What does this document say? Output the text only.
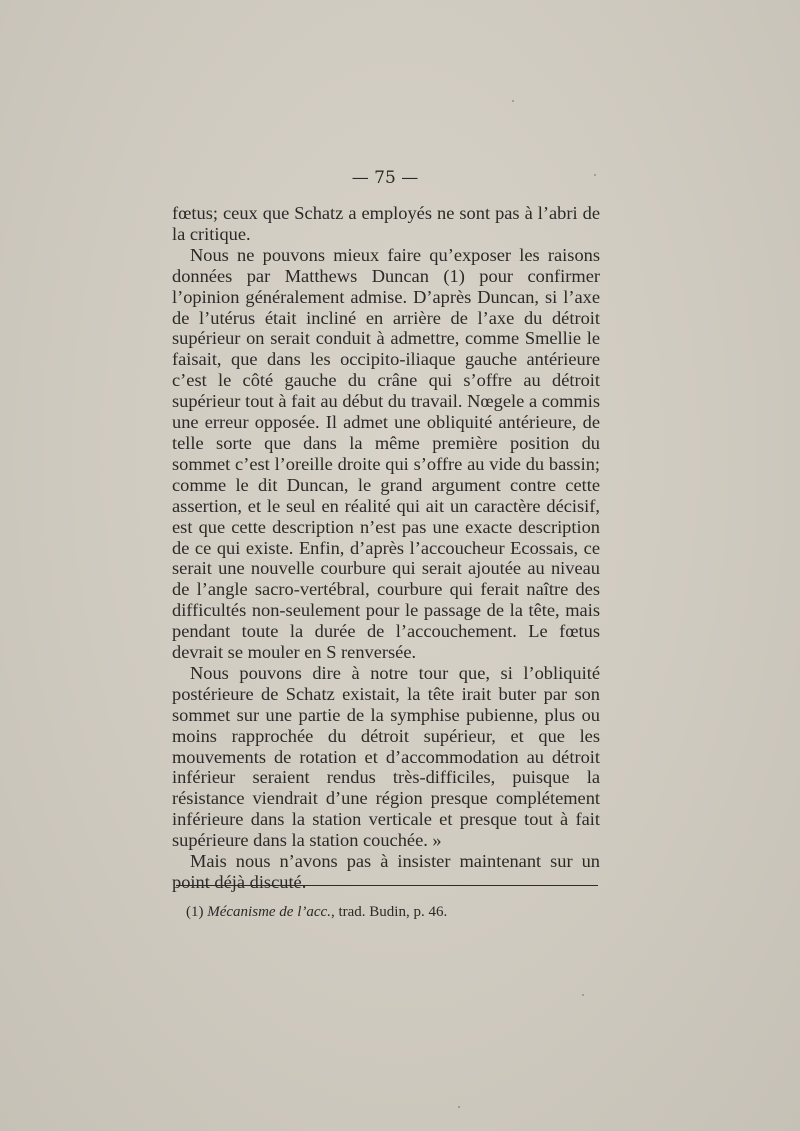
— 75 —

fœtus; ceux que Schatz a employés ne sont pas à l’abri de la critique.

Nous ne pouvons mieux faire qu’exposer les raisons données par Matthews Duncan (1) pour confirmer l’opinion généralement admise. D’après Duncan, si l’axe de l’utérus était incliné en arrière de l’axe du détroit supérieur on serait conduit à admettre, comme Smellie le faisait, que dans les occipito-iliaque gauche antérieure c’est le côté gauche du crâne qui s’offre au détroit supérieur tout à fait au début du travail. Nœgele a commis une erreur opposée. Il admet une obliquité antérieure, de telle sorte que dans la même première position du sommet c’est l’oreille droite qui s’offre au vide du bassin; comme le dit Duncan, le grand argument contre cette assertion, et le seul en réalité qui ait un caractère décisif, est que cette description n’est pas une exacte description de ce qui existe. Enfin, d’après l’accoucheur Ecossais, ce serait une nouvelle courbure qui serait ajoutée au niveau de l’angle sacro-vertébral, courbure qui ferait naître des difficultés non-seulement pour le passage de la tête, mais pendant toute la durée de l’accouchement. Le fœtus devrait se mouler en S renversée.

Nous pouvons dire à notre tour que, si l’obliquité postérieure de Schatz existait, la tête irait buter par son sommet sur une partie de la symphise pubienne, plus ou moins rapprochée du détroit supérieur, et que les mouvements de rotation et d’accommodation au détroit inférieur seraient rendus très-difficiles, puisque la résistance viendrait d’une région presque complétement inférieure dans la station verticale et presque tout à fait supérieure dans la station couchée. »

Mais nous n’avons pas à insister maintenant sur un point déjà discuté.

(1) Mécanisme de l’acc., trad. Budin, p. 46.
